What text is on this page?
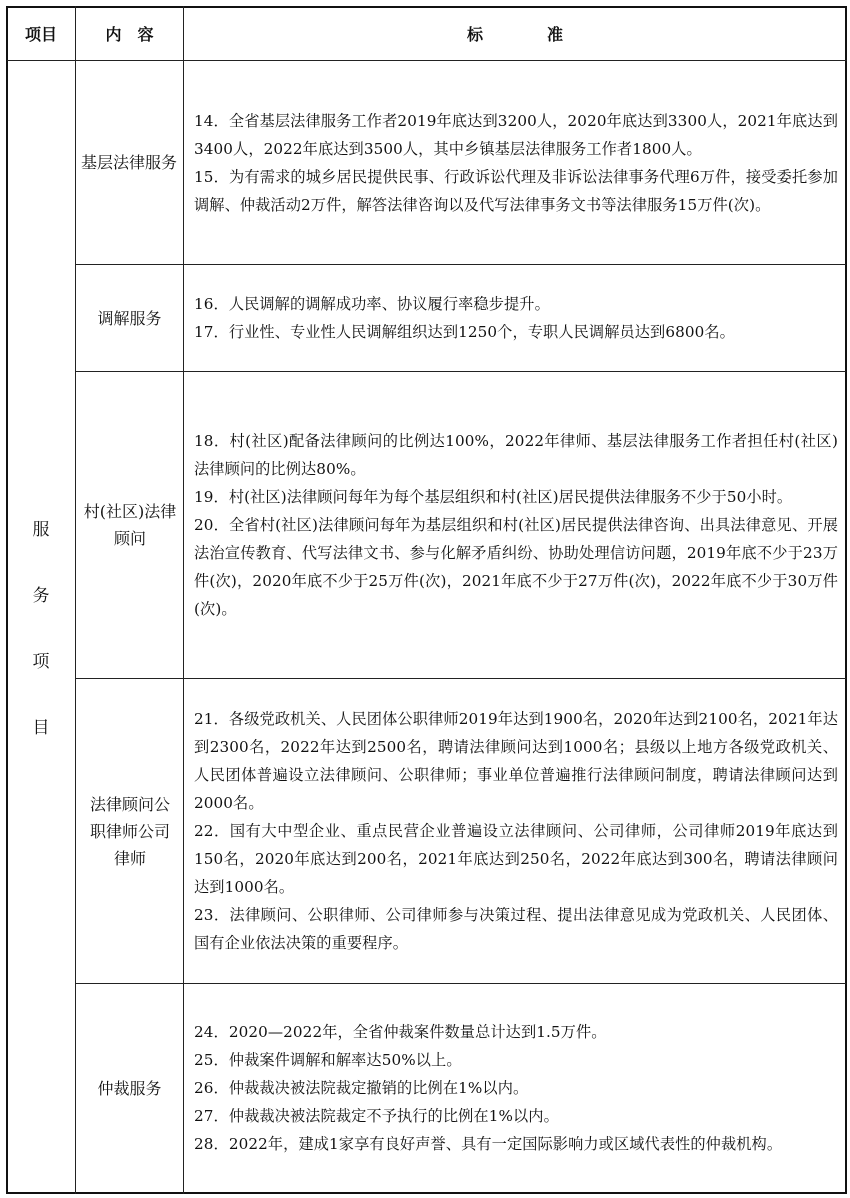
项目	内　容	标　　　　准
服
务
项
目
基层法律服务

14．全省基层法律服务工作者2019年底达到3200人，2020年底达到3300人，2021年底达到3400人，2022年底达到3500人，其中乡镇基层法律服务工作者1800人。

15．为有需求的城乡居民提供民事、行政诉讼代理及非诉讼法律事务代理6万件，接受委托参加调解、仲裁活动2万件，解答法律咨询以及代写法律事务文书等法律服务15万件(次)。

调解服务

16．人民调解的调解成功率、协议履行率稳步提升。

17．行业性、专业性人民调解组织达到1250个，专职人民调解员达到6800名。

村(社区)法律顾问

18．村(社区)配备法律顾问的比例达100%，2022年律师、基层法律服务工作者担任村(社区)法律顾问的比例达80%。

19．村(社区)法律顾问每年为每个基层组织和村(社区)居民提供法律服务不少于50小时。

20．全省村(社区)法律顾问每年为基层组织和村(社区)居民提供法律咨询、出具法律意见、开展法治宣传教育、代写法律文书、参与化解矛盾纠纷、协助处理信访问题，2019年底不少于23万件(次)，2020年底不少于25万件(次)，2021年底不少于27万件(次)，2022年底不少于30万件(次)。

法律顾问公职律师公司律师

21．各级党政机关、人民团体公职律师2019年达到1900名，2020年达到2100名，2021年达到2300名，2022年达到2500名，聘请法律顾问达到1000名；县级以上地方各级党政机关、人民团体普遍设立法律顾问、公职律师；事业单位普遍推行法律顾问制度，聘请法律顾问达到2000名。

22．国有大中型企业、重点民营企业普遍设立法律顾问、公司律师，公司律师2019年底达到150名，2020年底达到200名，2021年底达到250名，2022年底达到300名，聘请法律顾问达到1000名。

23．法律顾问、公职律师、公司律师参与决策过程、提出法律意见成为党政机关、人民团体、国有企业依法决策的重要程序。

仲裁服务

24．2020—2022年，全省仲裁案件数量总计达到1.5万件。

25．仲裁案件调解和解率达50%以上。

26．仲裁裁决被法院裁定撤销的比例在1%以内。

27．仲裁裁决被法院裁定不予执行的比例在1%以内。

28．2022年，建成1家享有良好声誉、具有一定国际影响力或区域代表性的仲裁机构。
